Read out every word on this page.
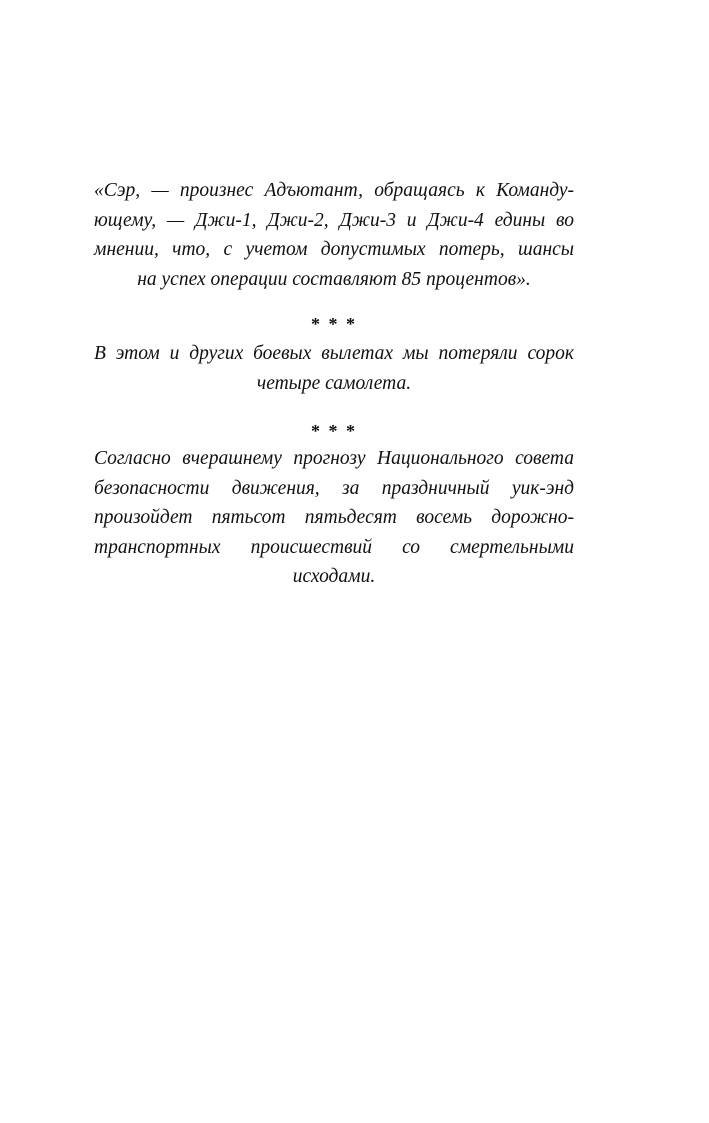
«Сэр, — произнес Адъютант, обращаясь к Команду-
ющему, — Джи-1, Джи-2, Джи-3 и Джи-4 едины во
мнении, что, с учетом допустимых потерь, шансы
на успех операции составляют 85 процентов».
* * *
В этом и других боевых вылетах мы потеряли сорок
четыре самолета.
* * *
Согласно вчерашнему прогнозу Национального совета
безопасности движения, за праздничный уик-энд
произойдет пятьсот пятьдесят восемь дорожно-
транспортных происшествий со смертельными
исходами.
